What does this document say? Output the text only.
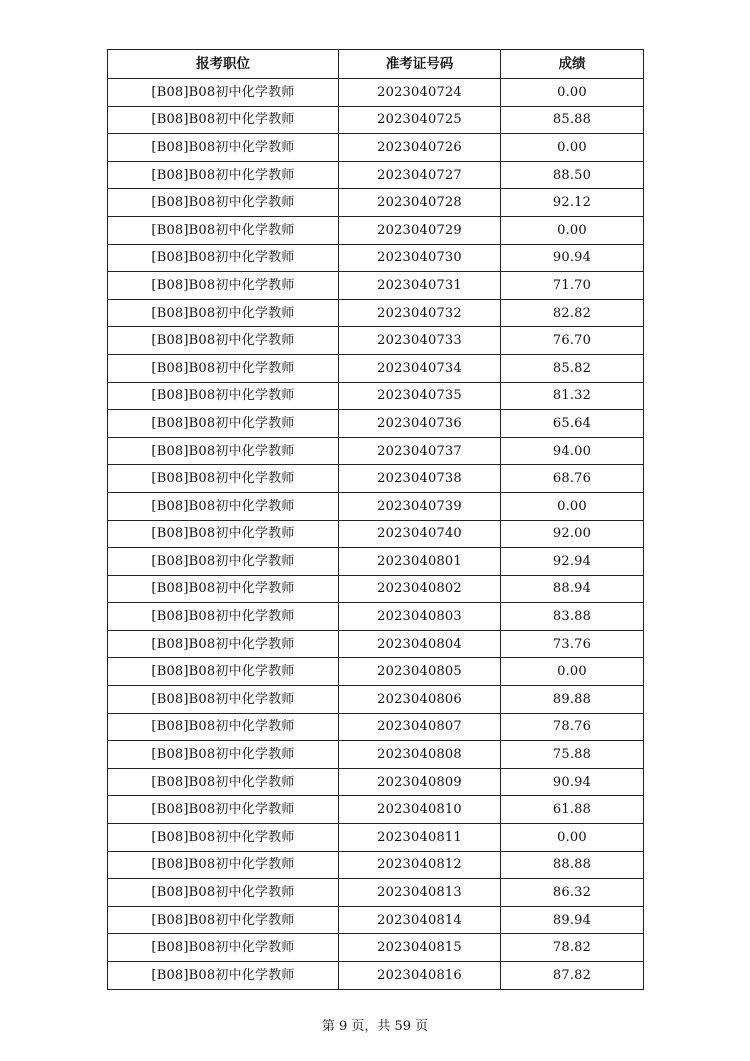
报考职位	准考证号码	成绩
[B08]B08初中化学教师	2023040724	0.00
[B08]B08初中化学教师	2023040725	85.88
[B08]B08初中化学教师	2023040726	0.00
[B08]B08初中化学教师	2023040727	88.50
[B08]B08初中化学教师	2023040728	92.12
[B08]B08初中化学教师	2023040729	0.00
[B08]B08初中化学教师	2023040730	90.94
[B08]B08初中化学教师	2023040731	71.70
[B08]B08初中化学教师	2023040732	82.82
[B08]B08初中化学教师	2023040733	76.70
[B08]B08初中化学教师	2023040734	85.82
[B08]B08初中化学教师	2023040735	81.32
[B08]B08初中化学教师	2023040736	65.64
[B08]B08初中化学教师	2023040737	94.00
[B08]B08初中化学教师	2023040738	68.76
[B08]B08初中化学教师	2023040739	0.00
[B08]B08初中化学教师	2023040740	92.00
[B08]B08初中化学教师	2023040801	92.94
[B08]B08初中化学教师	2023040802	88.94
[B08]B08初中化学教师	2023040803	83.88
[B08]B08初中化学教师	2023040804	73.76
[B08]B08初中化学教师	2023040805	0.00
[B08]B08初中化学教师	2023040806	89.88
[B08]B08初中化学教师	2023040807	78.76
[B08]B08初中化学教师	2023040808	75.88
[B08]B08初中化学教师	2023040809	90.94
[B08]B08初中化学教师	2023040810	61.88
[B08]B08初中化学教师	2023040811	0.00
[B08]B08初中化学教师	2023040812	88.88
[B08]B08初中化学教师	2023040813	86.32
[B08]B08初中化学教师	2023040814	89.94
[B08]B08初中化学教师	2023040815	78.82
[B08]B08初中化学教师	2023040816	87.82
第 9 页，共 59 页
